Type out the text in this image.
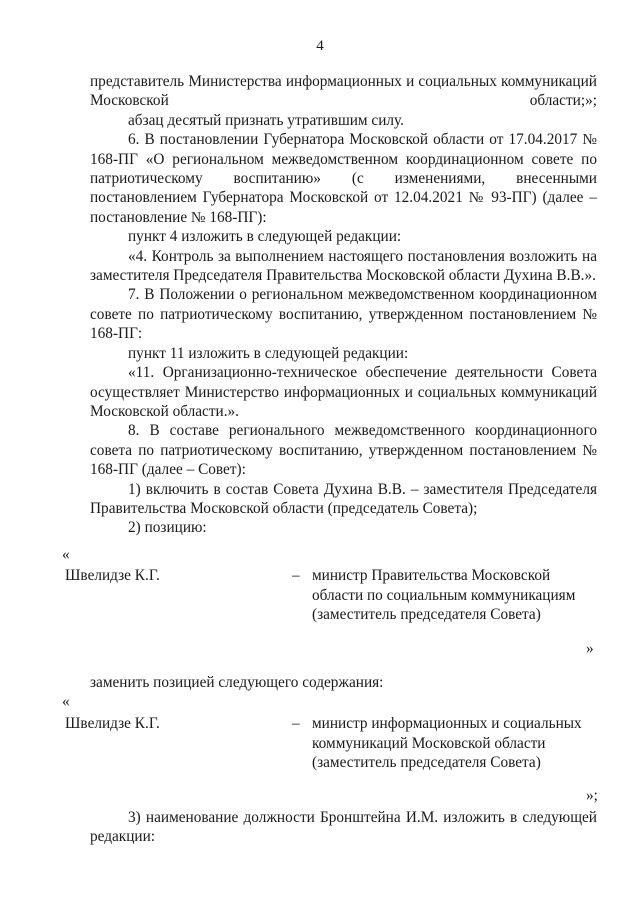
4

представитель Министерства информационных и социальных коммуникаций Московской области;»;

абзац десятый признать утратившим силу.

6. В постановлении Губернатора Московской области от 17.04.2017 № 168-ПГ «О региональном межведомственном координационном совете по патриотическому воспитанию» (с изменениями, внесенными постановлением Губернатора Московской от 12.04.2021 № 93-ПГ) (далее – постановление № 168-ПГ):

пункт 4 изложить в следующей редакции:

«4. Контроль за выполнением настоящего постановления возложить на заместителя Председателя Правительства Московской области Духина В.В.».

7. В Положении о региональном межведомственном координационном совете по патриотическому воспитанию, утвержденном постановлением № 168-ПГ:

пункт 11 изложить в следующей редакции:

«11. Организационно-техническое обеспечение деятельности Совета осуществляет Министерство информационных и социальных коммуникаций Московской области.».

8. В составе регионального межведомственного координационного совета по патриотическому воспитанию, утвержденном постановлением № 168-ПГ (далее – Совет):

1) включить в состав Совета Духина В.В. – заместителя Председателя Правительства Московской области (председатель Совета);

2) позицию:

«
Швелидзе К.Г.	– министр Правительства Московской
области по социальным коммуникациям
(заместитель председателя Совета)
»

заменить позицией следующего содержания:

«
Швелидзе К.Г.	– министр информационных и социальных
коммуникаций Московской области
(заместитель председателя Совета)
»;

3) наименование должности Бронштейна И.М. изложить в следующей редакции:
